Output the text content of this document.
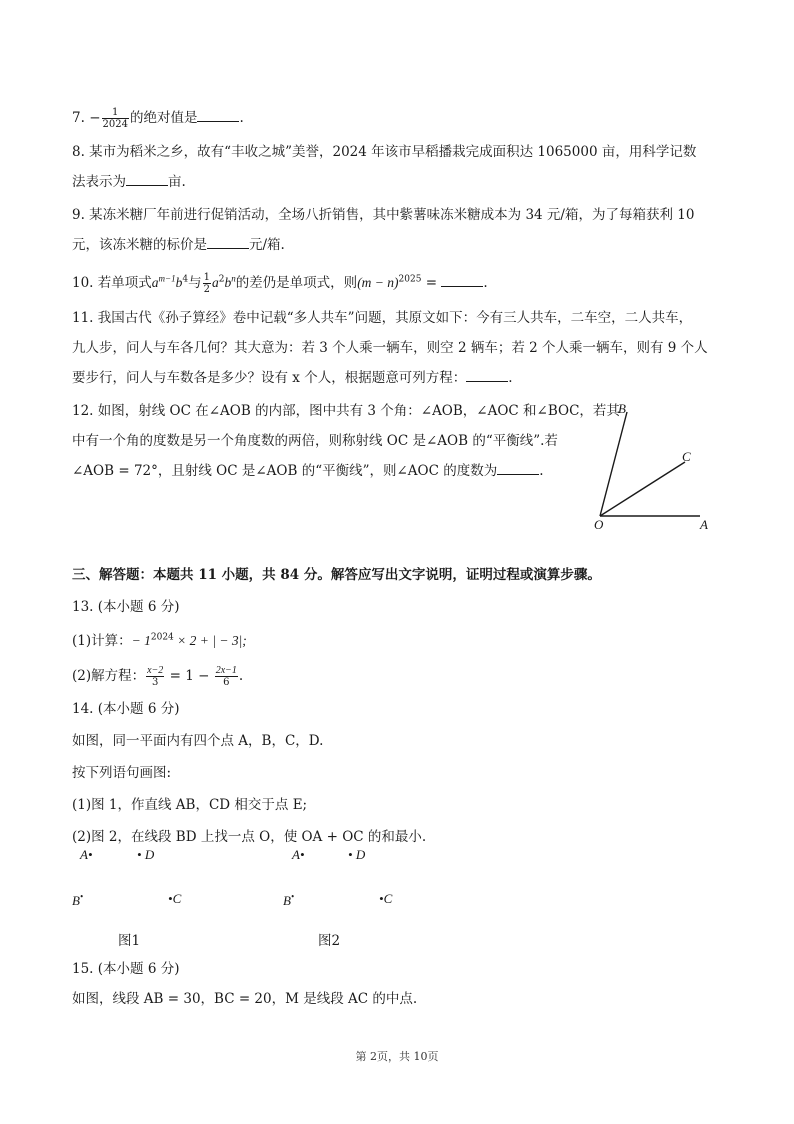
7. − $\frac{1}{2024}$ 的绝对值是	.
8. 某市为稻米之乡，故有“丰收之城”美誉，2024 年该市早稻播栽完成面积达 1065000 亩，用科学记数
法表示为	亩.
9. 某冻米糖厂年前进行促销活动，全场八折销售，其中紫薯味冻米糖成本为 34 元/箱，为了每箱获利 10
元，该冻米糖的标价是	元/箱.
10. 若单项式$a^{m-1}b^4$与 $\frac{1}{2} a^2b^n$的差仍是单项式，则$(m - n)^{2025}$ =	.
11. 我国古代《孙子算经》卷中记载“多人共车”问题，其原文如下：今有三人共车，二车空，二人共车，
九人步，问人与车各几何？其大意为：若 3 个人乘一辆车，则空 2 辆车；若 2 个人乘一辆车，则有 9 个人
要步行，问人与车数各是多少？设有 x 个人，根据题意可列方程：	.
12. 如图，射线 OC 在∠AOB 的内部，图中共有 3 个角：∠AOB，∠AOC 和∠BOC，若其
中有一个角的度数是另一个角度数的两倍，则称射线 OC 是∠AOB 的“平衡线”.若
∠AOB = 72°，且射线 OC 是∠AOB 的“平衡线”，则∠AOC 的度数为	.
B
C
O	A
三、解答题：本题共 11 小题，共 84 分。解答应写出文字说明，证明过程或演算步骤。
13. (本小题 6 分)
(1)计算：− $1^{2024} \times 2$ + | − 3|;
(2)解方程： $\frac{x-2}{3} = 1 - \frac{2x-1}{6}$ .
14. (本小题 6 分)
如图，同一平面内有四个点 A，B，C，D.
按下列语句画图:
(1)图 1，作直线 AB，CD 相交于点 E;
(2)图 2，在线段 BD 上找一点 O，使 OA + OC 的和最小.
A•	• D
B•	•C
图1
A•	• D
B•	•C
图2
15. (本小题 6 分)
如图，线段 AB = 30，BC = 20，M 是线段 AC 的中点.
第 2页，共 10页
